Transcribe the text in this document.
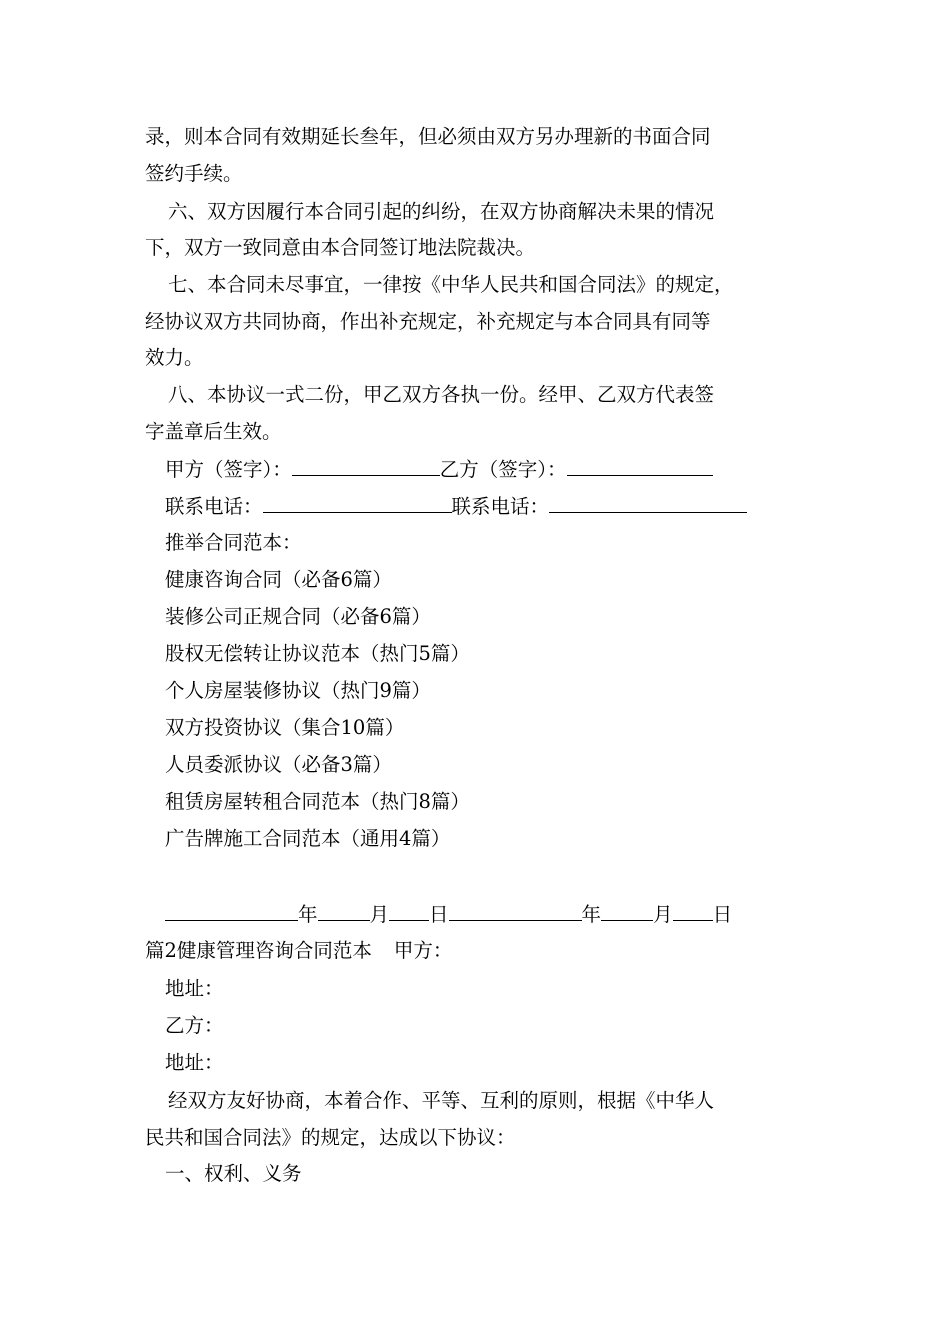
录，则本合同有效期延长叁年，但必须由双方另办理新的书面合同
签约手续。
六、双方因履行本合同引起的纠纷，在双方协商解决未果的情况
下，双方一致同意由本合同签订地法院裁决。
七、本合同未尽事宜，一律按《中华人民共和国合同法》的规定，
经协议双方共同协商，作出补充规定，补充规定与本合同具有同等
效力。
八、本协议一式二份，甲乙双方各执一份。经甲、乙双方代表签
字盖章后生效。
甲方（签字）：	乙方（签字）：
联系电话：	联系电话：
推举合同范本：
健康咨询合同（必备6篇）
装修公司正规合同（必备6篇）
股权无偿转让协议范本（热门5篇）
个人房屋装修协议（热门9篇）
双方投资协议（集合10篇）
人员委派协议（必备3篇）
租赁房屋转租合同范本（热门8篇）
广告牌施工合同范本（通用4篇）
年	月 日	年	月 日
篇2健康管理咨询合同范本 甲方：
地址：
乙方：
地址：
经双方友好协商，本着合作、平等、互利的原则，根据《中华人
民共和国合同法》的规定，达成以下协议：
一、权利、义务
